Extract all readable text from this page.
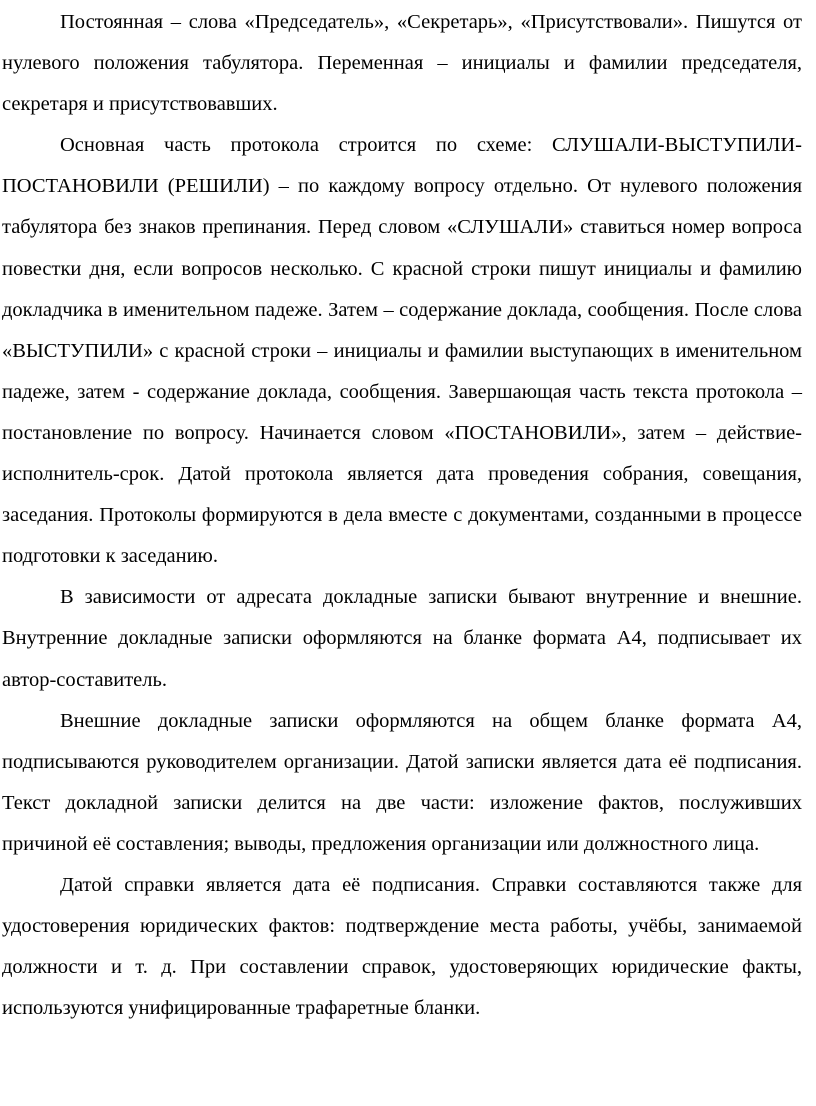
Постоянная – слова «Председатель», «Секретарь», «Присутствовали». Пишутся от нулевого положения табулятора. Переменная – инициалы и фамилии председателя, секретаря и присутствовавших.

Основная часть протокола строится по схеме: СЛУШАЛИ-ВЫСТУПИЛИ-ПОСТАНОВИЛИ (РЕШИЛИ) – по каждому вопросу отдельно. От нулевого положения табулятора без знаков препинания. Перед словом «СЛУШАЛИ» ставиться номер вопроса повестки дня, если вопросов несколько. С красной строки пишут инициалы и фамилию докладчика в именительном падеже. Затем – содержание доклада, сообщения. После слова «ВЫСТУПИЛИ» с красной строки – инициалы и фамилии выступающих в именительном падеже, затем - содержание доклада, сообщения. Завершающая часть текста протокола – постановление по вопросу. Начинается словом «ПОСТАНОВИЛИ», затем – действие-исполнитель-срок. Датой протокола является дата проведения собрания, совещания, заседания. Протоколы формируются в дела вместе с документами, созданными в процессе подготовки к заседанию.

В зависимости от адресата докладные записки бывают внутренние и внешние. Внутренние докладные записки оформляются на бланке формата А4, подписывает их автор-составитель.

Внешние докладные записки оформляются на общем бланке формата А4, подписываются руководителем организации. Датой записки является дата её подписания. Текст докладной записки делится на две части: изложение фактов, послуживших причиной её составления; выводы, предложения организации или должностного лица.

Датой справки является дата её подписания. Справки составляются также для удостоверения юридических фактов: подтверждение места работы, учёбы, занимаемой должности и т. д. При составлении справок, удостоверяющих юридические факты, используются унифицированные трафаретные бланки.
